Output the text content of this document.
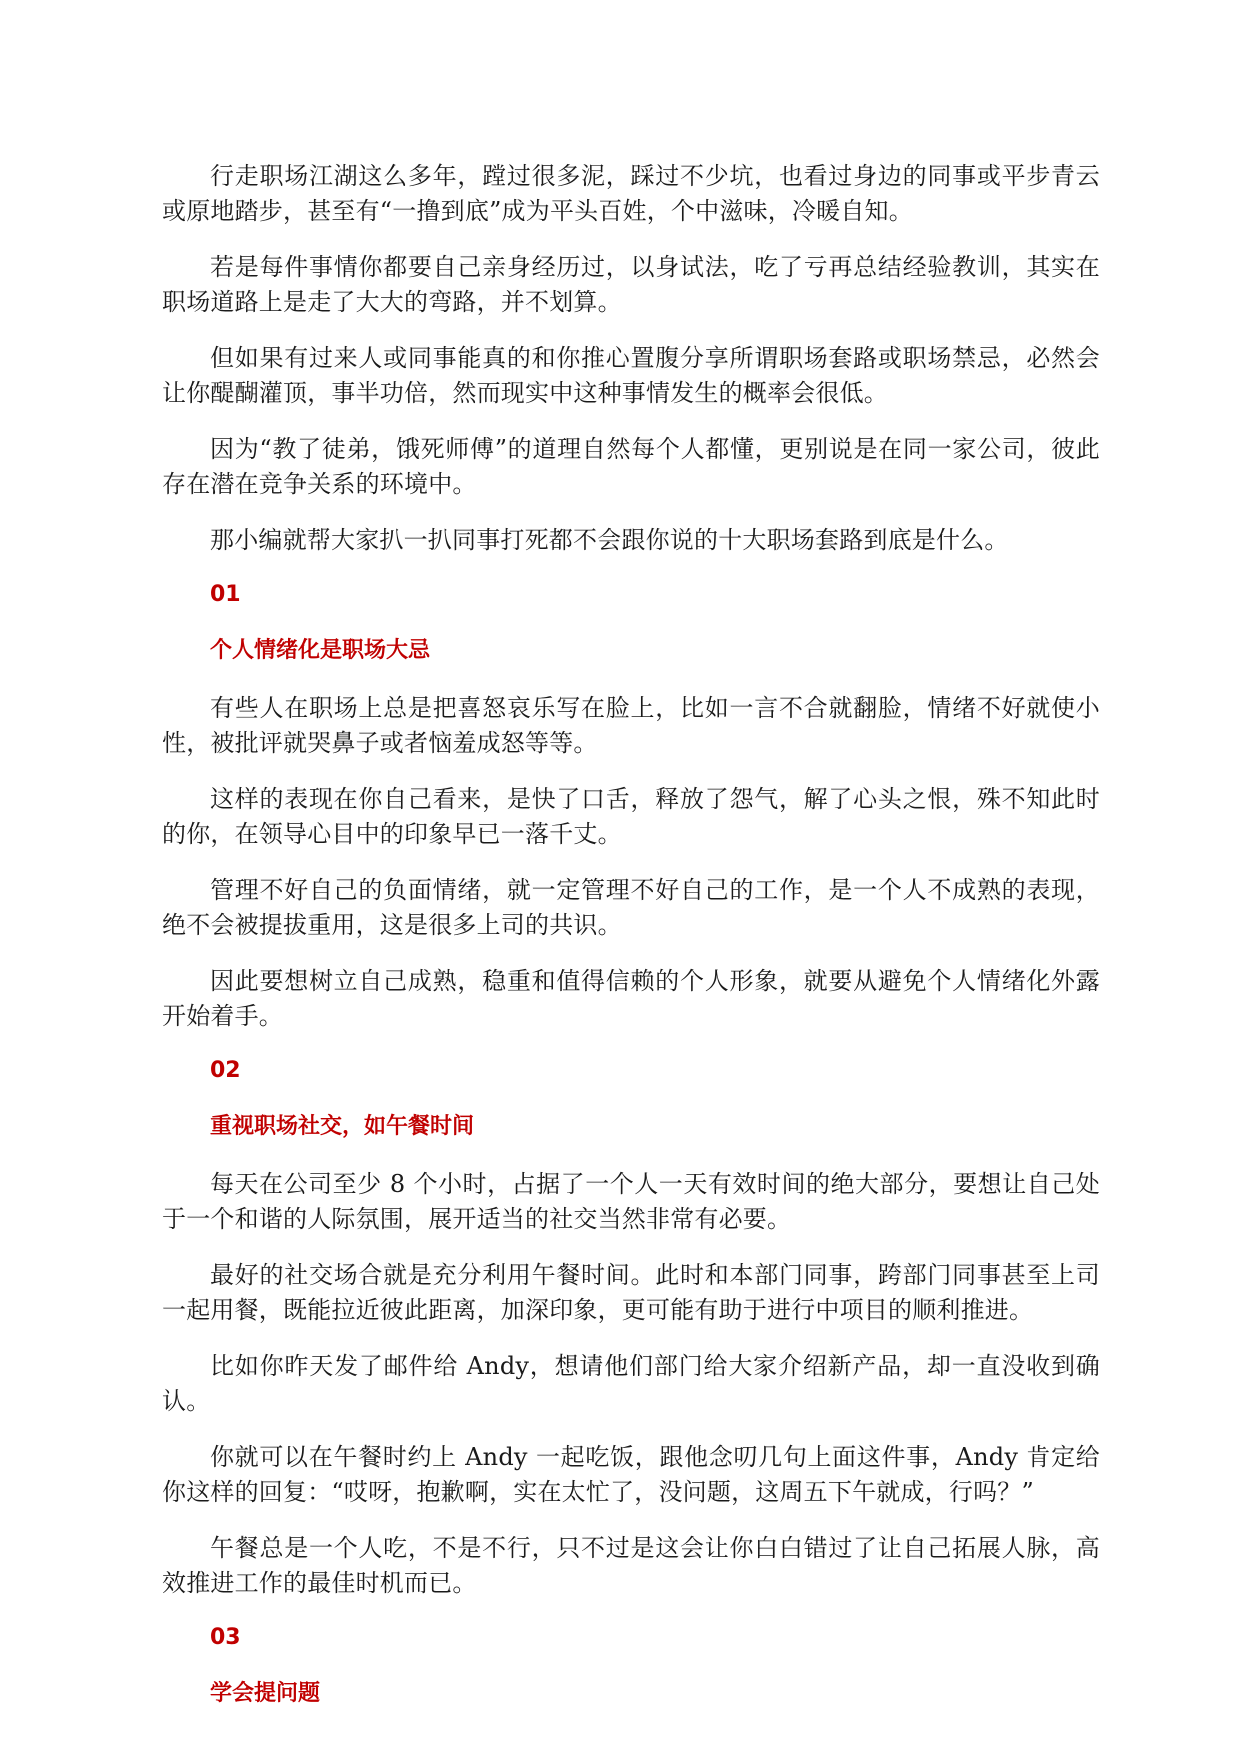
行走职场江湖这么多年，蹚过很多泥，踩过不少坑，也看过身边的同事或平步青云或原地踏步，甚至有“一撸到底”成为平头百姓，个中滋味，冷暖自知。

若是每件事情你都要自己亲身经历过，以身试法，吃了亏再总结经验教训，其实在职场道路上是走了大大的弯路，并不划算。

但如果有过来人或同事能真的和你推心置腹分享所谓职场套路或职场禁忌，必然会让你醍醐灌顶，事半功倍，然而现实中这种事情发生的概率会很低。

因为“教了徒弟，饿死师傅”的道理自然每个人都懂，更别说是在同一家公司，彼此存在潜在竞争关系的环境中。

那小编就帮大家扒一扒同事打死都不会跟你说的十大职场套路到底是什么。

01
个人情绪化是职场大忌

有些人在职场上总是把喜怒哀乐写在脸上，比如一言不合就翻脸，情绪不好就使小性，被批评就哭鼻子或者恼羞成怒等等。

这样的表现在你自己看来，是快了口舌，释放了怨气，解了心头之恨，殊不知此时的你，在领导心目中的印象早已一落千丈。

管理不好自己的负面情绪，就一定管理不好自己的工作，是一个人不成熟的表现，绝不会被提拔重用，这是很多上司的共识。

因此要想树立自己成熟，稳重和值得信赖的个人形象，就要从避免个人情绪化外露开始着手。

02
重视职场社交，如午餐时间

每天在公司至少 8 个小时，占据了一个人一天有效时间的绝大部分，要想让自己处于一个和谐的人际氛围，展开适当的社交当然非常有必要。

最好的社交场合就是充分利用午餐时间。此时和本部门同事，跨部门同事甚至上司一起用餐，既能拉近彼此距离，加深印象，更可能有助于进行中项目的顺利推进。

比如你昨天发了邮件给 Andy，想请他们部门给大家介绍新产品，却一直没收到确认。

你就可以在午餐时约上 Andy 一起吃饭，跟他念叨几句上面这件事，Andy 肯定给你这样的回复：“哎呀，抱歉啊，实在太忙了，没问题，这周五下午就成，行吗？”

午餐总是一个人吃，不是不行，只不过是这会让你白白错过了让自己拓展人脉，高效推进工作的最佳时机而已。

03
学会提问题
